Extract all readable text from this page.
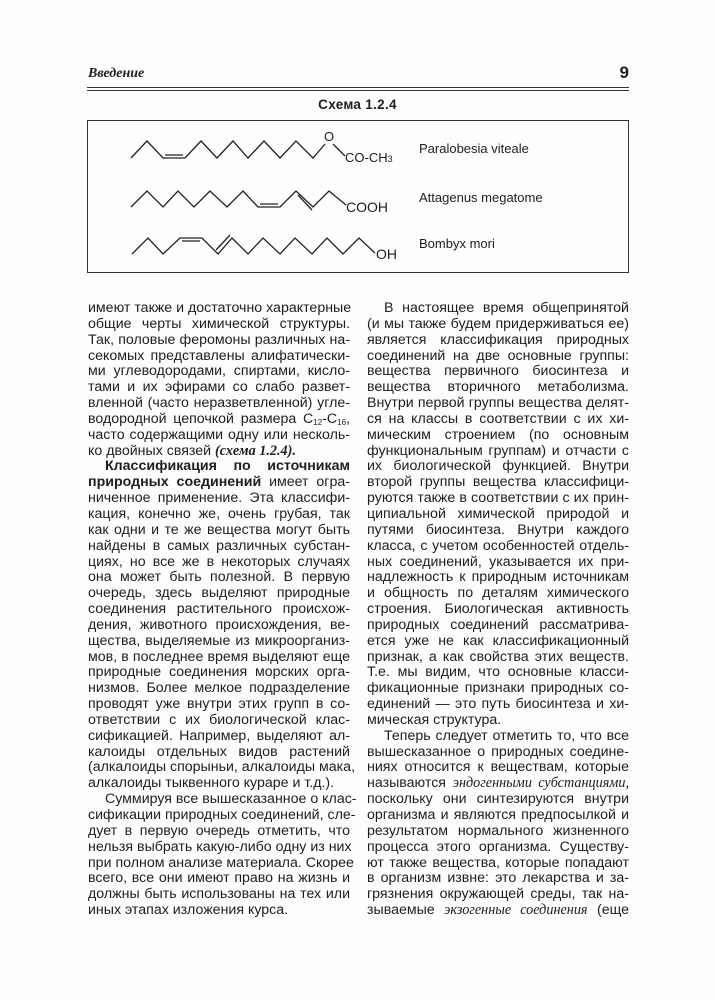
Введение	9
Схема 1.2.4
O
CO-CH3
Paralobesia viteale
COOH
Attagenus megatome
OH
Bombyx mori
имеют также и достаточно характерные
общие черты химической структуры.
Так, половые феромоны различных на-
секомых представлены алифатически-
ми углеводородами, спиртами, кисло-
тами и их эфирами со слабо развет-
вленной (часто неразветвленной) угле-
водородной цепочкой размера $C_{12}-C_{16}$,
часто содержащими одну или несколь-
ко двойных связей (схема 1.2.4).
Классификация по источникам
природных соединений имеет огра-
ниченное применение. Эта классифи-
кация, конечно же, очень грубая, так
как одни и те же вещества могут быть
найдены в самых различных субстан-
циях, но все же в некоторых случаях
она может быть полезной. В первую
очередь, здесь выделяют природные
соединения растительного происхож-
дения, животного происхождения, ве-
щества, выделяемые из микроорганиз-
мов, в последнее время выделяют еще
природные соединения морских орга-
низмов. Более мелкое подразделение
проводят уже внутри этих групп в со-
ответствии с их биологической клас-
сификацией. Например, выделяют ал-
калоиды отдельных видов растений
(алкалоиды спорыньи, алкалоиды мака,
алкалоиды тыквенного кураре и т.д.).
Суммируя все вышесказанное о клас-
сификации природных соединений, сле-
дует в первую очередь отметить, что
нельзя выбрать какую-либо одну из них
при полном анализе материала. Скорее
всего, все они имеют право на жизнь и
должны быть использованы на тех или
иных этапах изложения курса.
В настоящее время общепринятой
(и мы также будем придерживаться ее)
является классификация природных
соединений на две основные группы:
вещества первичного биосинтеза и
вещества вторичного метаболизма.
Внутри первой группы вещества делят-
ся на классы в соответствии с их хи-
мическим строением (по основным
функциональным группам) и отчасти с
их биологической функцией. Внутри
второй группы вещества классифици-
руются также в соответствии с их прин-
ципиальной химической природой и
путями биосинтеза. Внутри каждого
класса, с учетом особенностей отдель-
ных соединений, указывается их при-
надлежность к природным источникам
и общность по деталям химического
строения. Биологическая активность
природных соединений рассматрива-
ется уже не как классификационный
признак, а как свойства этих веществ.
Т.е. мы видим, что основные класси-
фикационные признаки природных со-
единений — это путь биосинтеза и хи-
мическая структура.
Теперь следует отметить то, что все
вышесказанное о природных соедине-
ниях относится к веществам, которые
называются эндогенными субстанциями,
поскольку они синтезируются внутри
организма и являются предпосылкой и
результатом нормального жизненного
процесса этого организма. Существу-
ют также вещества, которые попадают
в организм извне: это лекарства и за-
грязнения окружающей среды, так на-
зываемые экзогенные соединения (еще
